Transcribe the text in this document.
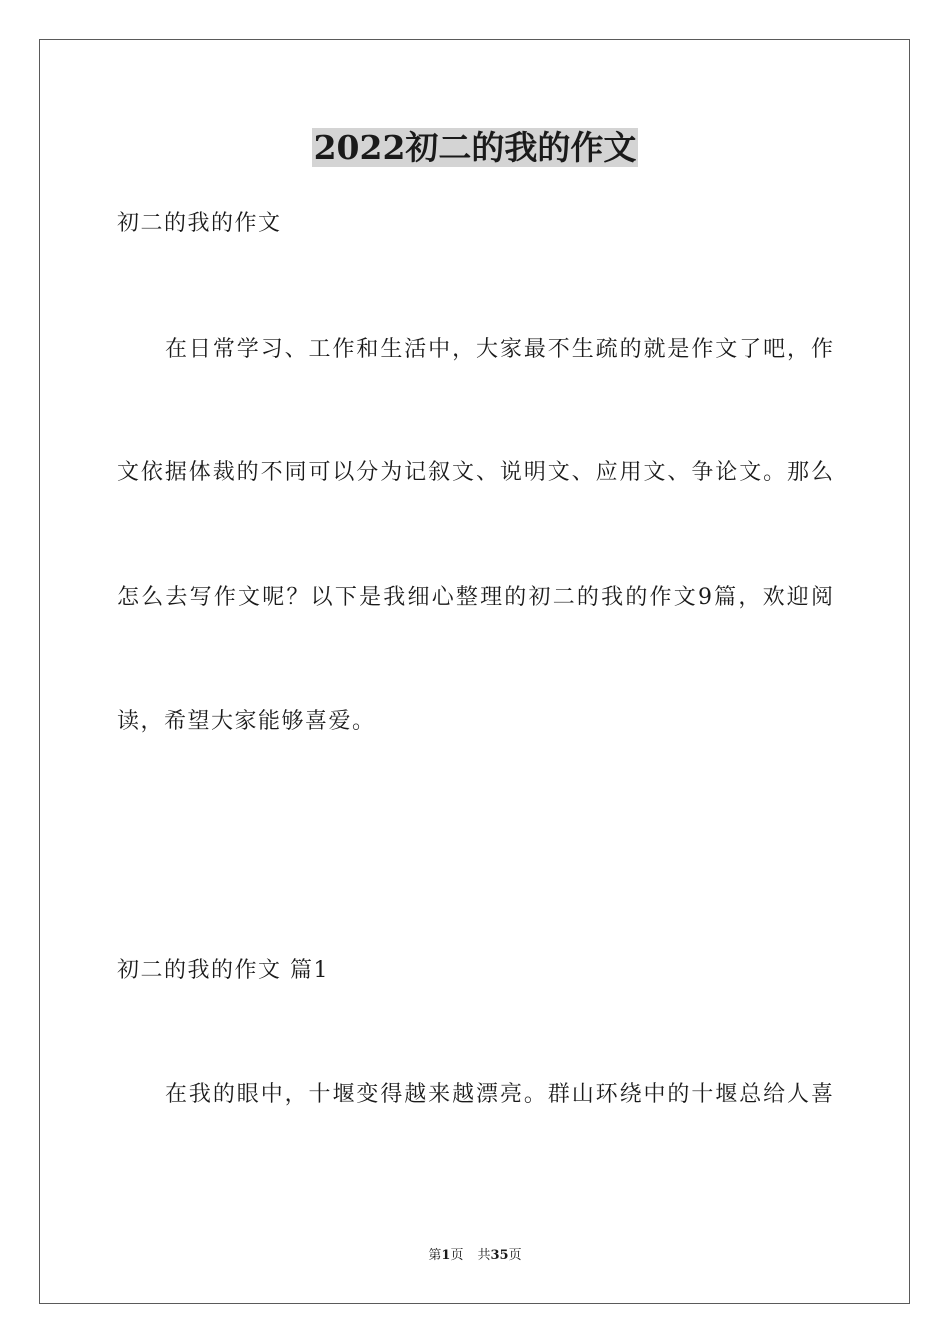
2022初二的我的作文
初二的我的作文
在日常学习、工作和生活中，大家最不生疏的就是作文了吧，作
文依据体裁的不同可以分为记叙文、说明文、应用文、争论文。那么
怎么去写作文呢？以下是我细心整理的初二的我的作文9篇，欢迎阅
读，希望大家能够喜爱。
初二的我的作文 篇1
在我的眼中，十堰变得越来越漂亮。群山环绕中的十堰总给人喜
第1页 共35页
